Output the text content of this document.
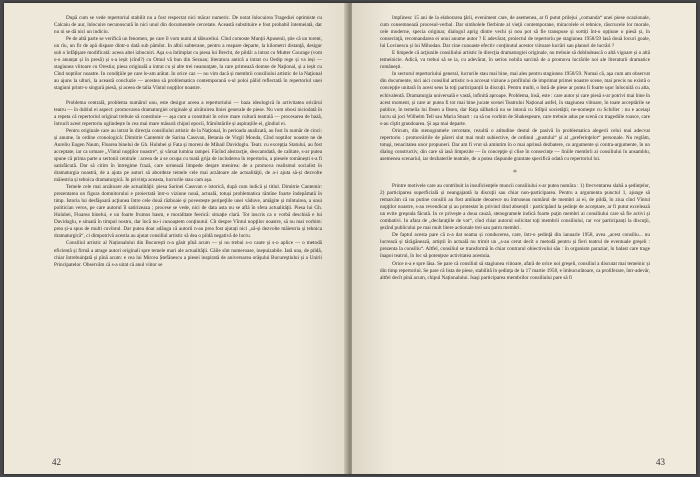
După cum se vede repertoriul stabilit nu a fost respectat nici măcar numeric. De notat înlocuirea Tragediei optimiste cu Calcaiu de aur, înlocuire necunoscută în nici unul din documentele cercetate. Această substituire e fost probabil întemeiată, dar nu ni se dă nici un indiciu.

Pe de altă parte se verifică un fenomen, pe care îl vom numi al tăbuceliui. Cînd comoste Munții Apusenii, știe că un torent, un rîu, un fir de apă dispare dintr-o dată sub pămînt. In albii subterane, pentru a reapare departe, la kilometri distanţă, desigur sub o înfăţişare modificată: aceea altei izbucniri. Aşa s-a întîmplat cu piesa lui Brecht, de pildă: a intrat cu Mutter Courage (vom s-o anunțat și în presă) și s-a ieșit (cînd?) cu Omul vă bun din Sezuan; literatura antică a intrat cu Oedip rege și va ieși — stagiunea viitoare cu Orestia; piesa originală a intrat cu și alte trei neanunţate, la care primează domne de Naţional, și a ieșit cu Cînd noptilor noastre. In condițiile pe care le-am arătat. In orice caz — nu vim dacă și membrii consiliului artistic de la Naţional au ajuns la ulturi, la această concluzie — acestea să problematica contemporană s-ul poloi pălid reflectată în repertoriul unei stagiuni printr-o singură piesă, și aceea de talia Vîntul nopţilor noastre.

Problema centrală, problema numărul unu, este desigur aceea a repertoriului — baza ideologică în activitatea oricărui teatru — în dublul ei aspect: promovarea dramaturgiei originale și alcătuirea liniei generale de piese. Nu vom obosi niciodată în a repeta că repertoriul original trebuie să constituie — aşa cum a constituit în orice mare cultură teatrală — procesarea de bază, întrucît acest repertoriu oglindește în cea mai mare măsură chipul epocii, frămîntările și aspirațiile ei, gîndiul ei.

Pentru originale care au intrat în direcția consiliului artistic de la Naţional, în perioada analizată, au fost în număr de cinci: și anume, în ordine cronologică: Dimitrie Cantemir de Sarina Cassvan, Betania de Virgil Monda, Cînd noptilor noastre ne de Aureliu Eugen Naum, Floarea binelui de Gh. Hulubei și Fata și moreni de Mihail Davidoglu. Teatr. cu excepția Statului, au fost acceptate, iar ca urmare „Vîntul nopţilor noastre“, și vărsat lumina rampei. Făcînd abstracţie, deocamdată, de calitate, s-ar putea spune că prima parte a sertonii centrale : aceea de a se ocupa cu toată grija de includerea în repertoriu, a piesele românești s-a fi satisfăcută. Dar să citim în întregime frază, care urmează limpede despre menirea: de a promova realismul socialist în dramaturgia noastră, de a ajuta pe autori să abordeze temele cele mai arzătoare ale actualităţii, de a-i ajuta să-și dezvolte măiestria și tehnica dramaturgică. In privinţa aceasta, lucrurile stau cam aşa.

Temele cele mai arzătoare ale actualităţii: piesa Sarinei Cassvan e istorică, după cum indică și titlul. Dimitrie Cantemir: prezentarea un figura domnitorului e proiectată într-o viziune nouă, actuală, totuși problematica rămîne foarte îndepărtată în timp. Istoria lui desfăşoară acţiunea între cele două războaie și povestește peripeţiile unei văduve, amăgite și mîntuirea, a unui politician veros, pe care autorul îl satirizeaza ; procese se vede, nici de data asta nu se află în sfera actualităţii. Piesa lui Gh. Hulubei, Floarea binelui, e un foarte frumos basm, e moralitate feerică: situaţie clară. Tot inscris ca o vorbă deschisă e lui Davidoglu, e situată în timpul nostru, dar încă nu-i cunoaştem conţinutul. Cît despre Vîntul nopţilor noastre, să nu mai vorbim: prea și-a spus de multi cuvîntul. Dar putea doar adăuga că autorii n-au prea fost ajutați nici „să-și dezvolte măiestria și tehnica dramaturgică“, ci dimpotrivă acestia au ajutat consiliul artistic să dea o pildă negativă de lucru.

Consiliul artistic al Naționalului din București n-a găsit pînă acum — și nu trebui s-o caute și s-o aplice — o metodă eficientă și firmă a atrage autori originali spre temele mari ale actualităţii. Căile sînt numeroase, inepuizabile. Iată una, de pildă, chiar întrebuinţată și pînă acum: e cea lui Mircea Ștefănescu a piesei inspirată de aniversarea orăşului Bucureştiului și a Unirii Principatelor. Observăm că s-a uitat că anul viitor se

42

împlinesc 15 ani de la elaborarea ţării, eveniment care, de asemenea, ar fi putut prilejui „comanda“ unei piese ocazionale, cum consemnează procesul-verbal. Dar simbolele fierbinte al vieţii contemporane, miracolele ei tehnice, răscrucele lor morale, cele moderne, specia originar, dialogul aprig dintre vechi și nou pot să fie transpuse și sortiți înt-o opțiune o piesă și, în consecinţă, recomandarea ei unui anume autor ? E adevărat, proiectul de repertoriu pe stagiunea 1958/59 lasă două locuri goale, lui Lovinescu și lui Mihodan. Dar cine cunoaste efectiv conţinutul acestor viitoare lucrări sau planuri de lucrări ?

E limpede că acţiunile consiliului artistic în direcţia dramaturgiei originale, nu trebuie să dobîndească o altă vigoare și o altă temeinicie. Adică, va trebui să se ia, cu adevărat, în serios nobila sarcină de a promova lucrările noi ale literaturii dramatice româneşti.

In sectorul repertoriului general, lucrurile stau mai bine, mai ales pentru stagiunea 1958/59. Numai că, aşa cum am observat din documente, nici aici consiliul artistic n-a accesat viziune a profilului de imprimat primei noastre scene, mai precis nu există o concepţie unitară în acest sens la toţi participanții la discuţii. Pentru multi, o listă de piese ar putea fi foarte uşor înlocuită cu alta, echivalentă. Dramaturgia universală e vastă, infinită aproape. Problema, însă, este : care autor și care piesă s-ar potrivi mai bine în acest moment, și care ar putea fi tot mai bine jucate scenei Teatrului Național astfel, în stagiunea viitoare, în toate acceptările se publice, în temelia lui Ibsen a Ibsen, dar Raţa sălbatică nu se intonă cu Stîlpii societăţii; ne-nomeşte cu Schiller : nu e aceiaşi lucru să joci Wilhelm Tell sau Maria Stuart : ca să nu vorbim de Shakespeare, care trebuie adus pe scenă cu tragediile roasce, care s-au cîştit grandoarea. Şi aşa mai departe.

Oricum, din stenogramele cercetate, rezultă o atitudine destul de pasivă în problematica alegerii celui mai adecvat repertoriu : promovăriile de păreri slut mai mult subiective, de ordinul „gustului“ și al „preferinţelor“ personale. Nu reglăm, totuşi, tenacitatea unor propuneri. Dar am fi vrut să amintim în o mai aprinsă dezbatere, cu argumente și contra-argumente, în un dialog constructiv, din care să iasă limpezite — în concepţie și clise în consecinţe — liniile membrii ai consiliului în ansamblu, asemenea scenariul, iar dezbaterile teatrale, de a putea răspunde grantate specifică odată cu repertoriul lui.

*

Printre motivele care au contribuit la insuficienţele muncii consiliului s-ar putea număra : 1) frecventarea slabă a şedinţelor, 2) participarea superficială și neangajantă la discuţii sau chiar non-participarea. Pentru a argumenta punctul 1, ajunge să remarcăm că nu putine consilii au fost amînate deoarece nu întruneau numărul de membri ai ei, de pildă, în ziua cînd Vîntul nopţilor noastre, s-au revendicat și au protestat în privind rând absențil : participând la şedinţe de acceptare, ar fi putut excelează un evite greşeala făcută. In ce priveşte a doua cauză, stenogramele indică foarte puţin membri ai consiliului care să fie activi și combativi. In afara de „declaraţiile de vot“, cînd chiar autorul solicitat toţi membrii consiliului, rar vor participanți la discuţii, şezînd publicului pe mai mult litere actionale trei sau patru membri.

De faptul acesta pare că n-a dat seama și conducerea, care, într-o şedinţă din ianuarie 1958, avea „acest consiliu... nu lucrează și tărăgănează, artiştii în actuală nu trimit un „s-au cerut decît o metodă pentru și fieri teatrul de eventuale greşeli : prezenta la consiliu“. Altfel, consiliul se transformă în chiar contrarul obiectivului său : în organism paraziar, în balast care trage înapoi teatrul, în loc să potenţeze activitatea acestuia.

Orice n-a e spre lăsa. Se pare că consiliul să stagiunea viitoare, afară de orice noi greşeli, consiliul a discutat mai temeinic și din timp repertoriul. Se pare că lista de piese, stabilită în şedinţa de la 17 martie 1958, e îmbucurătoare, ca proliferare, într-adevăr, altfel decît pînă acum, chipul Naționalului. Isaşi participarea membrilor consiliului pare să fi

43
